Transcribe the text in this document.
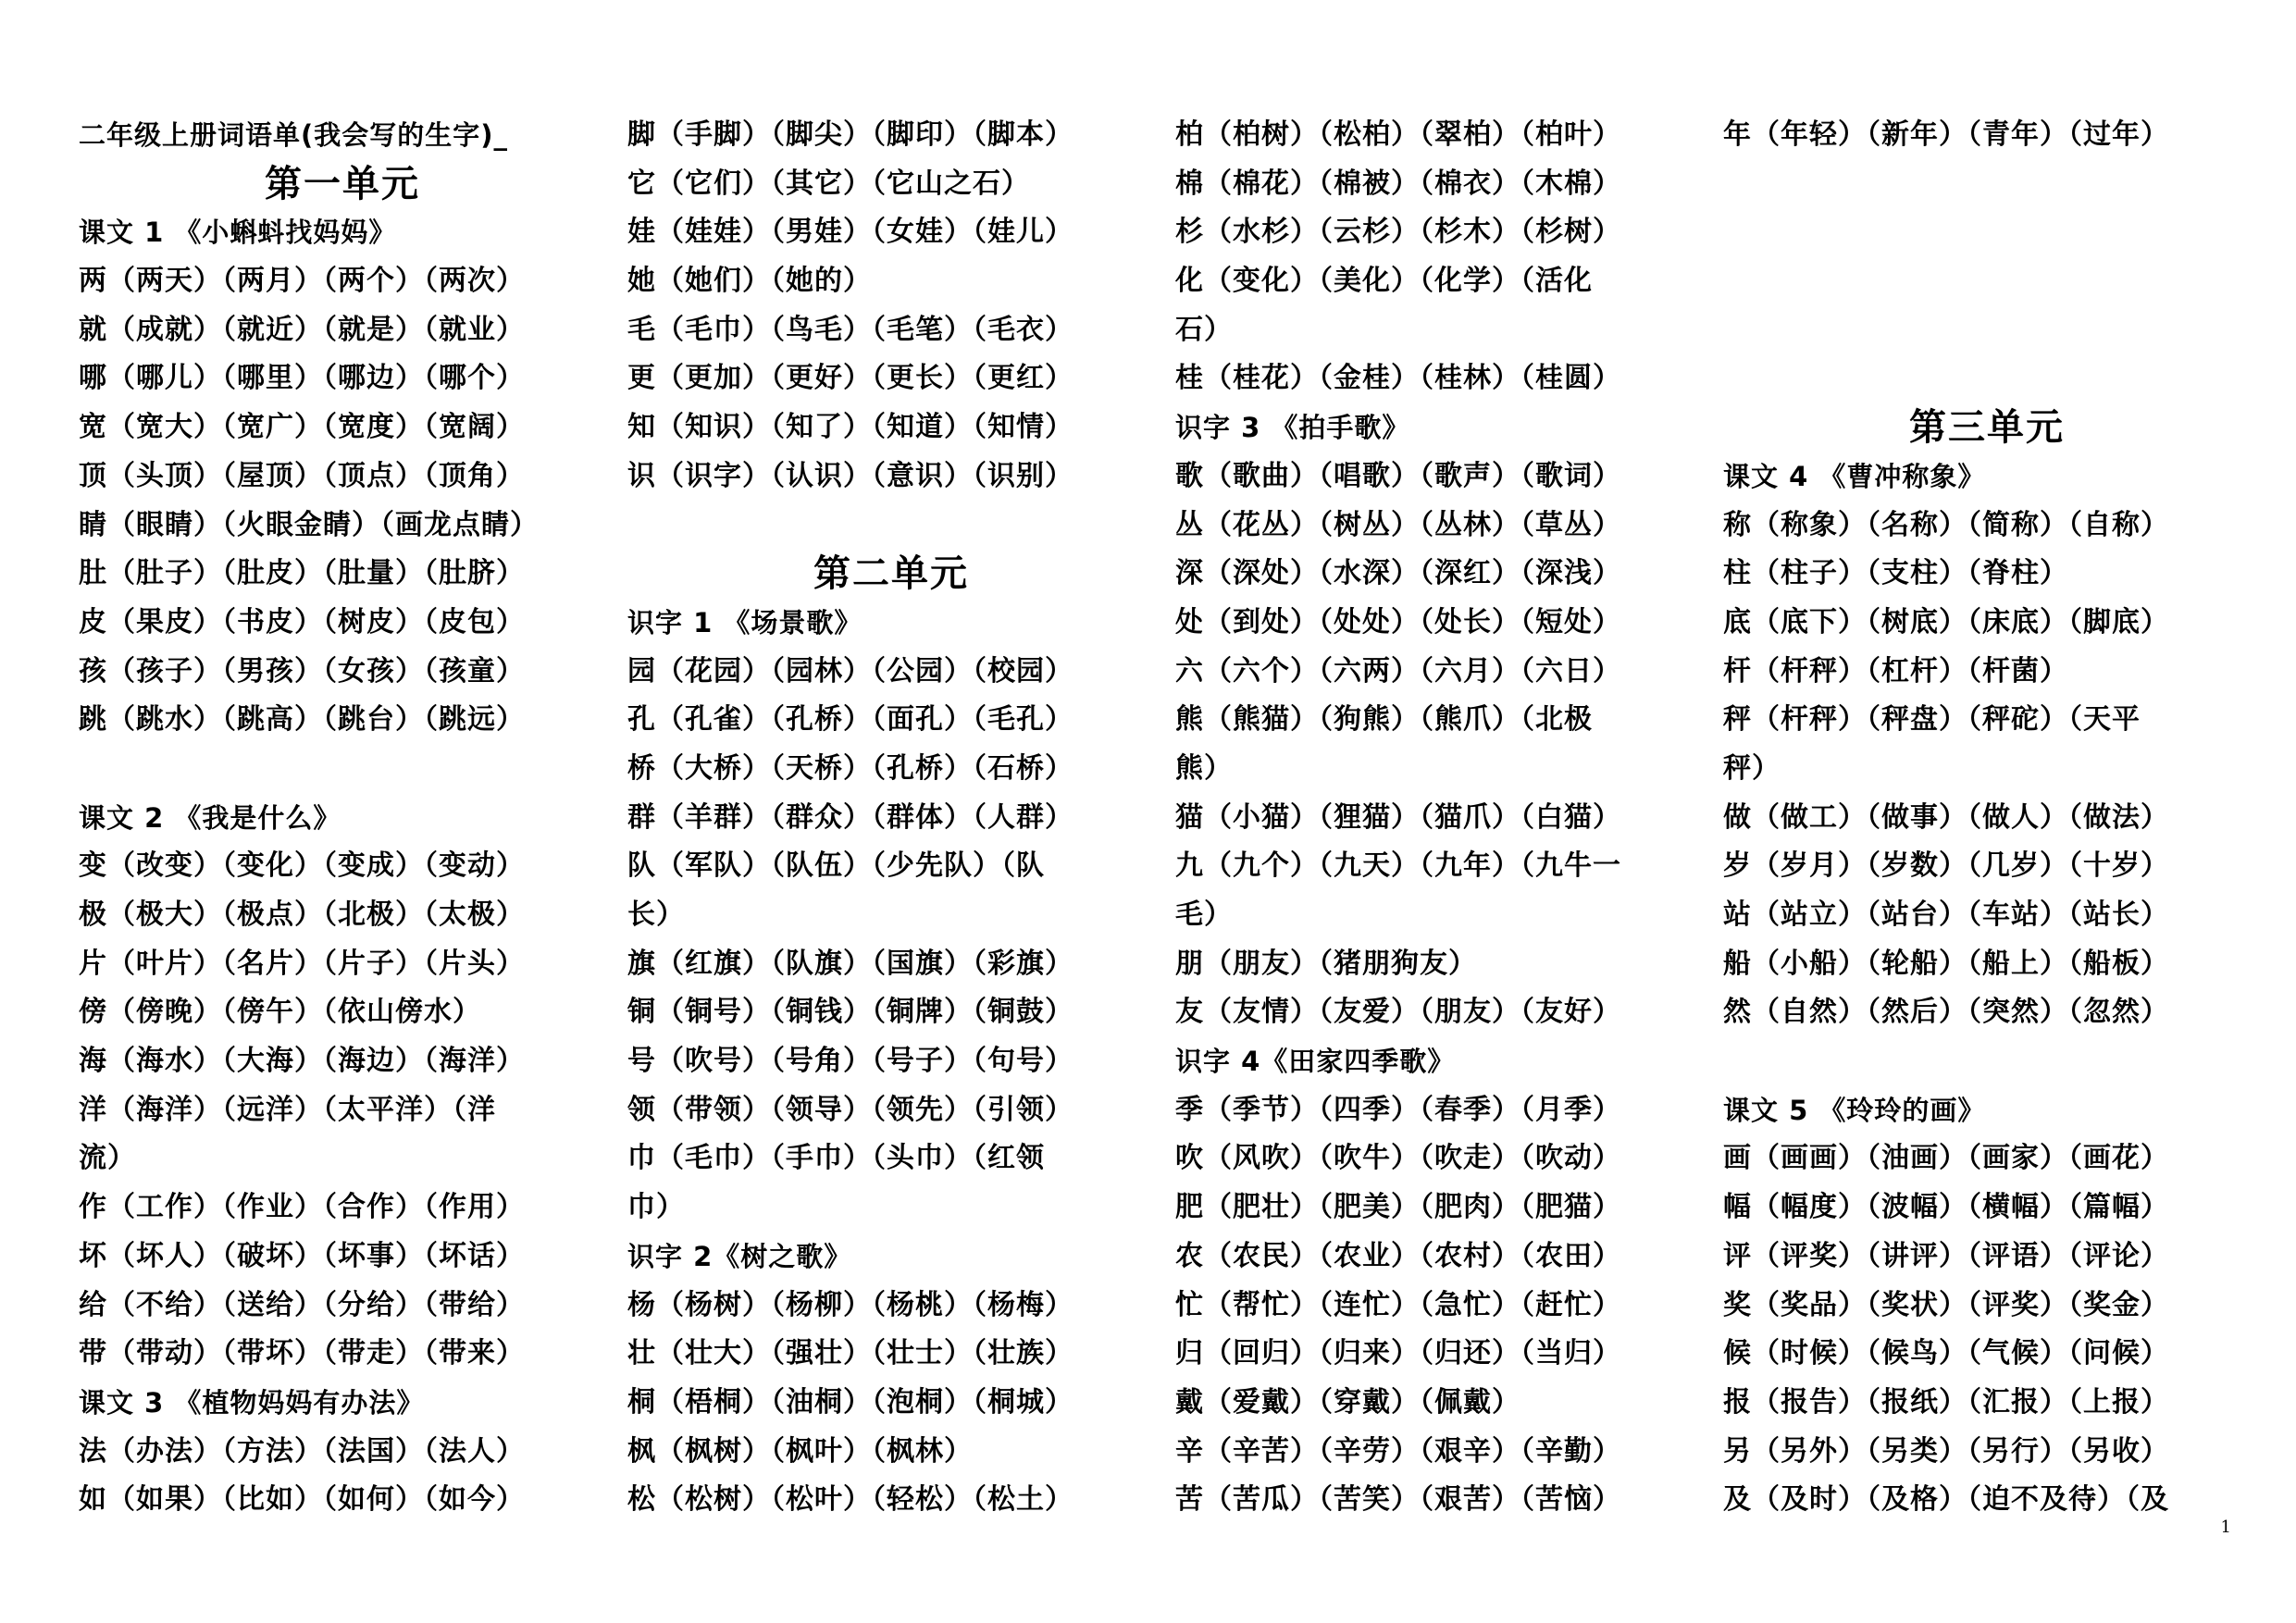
二年级上册词语单(我会写的生字)_
第一单元
课文 1 《小蝌蚪找妈妈》
两（两天）（两月）（两个）（两次）
就（成就）（就近）（就是）（就业）
哪（哪儿）（哪里）（哪边）（哪个）
宽（宽大）（宽广）（宽度）（宽阔）
顶（头顶）（屋顶）（顶点）（顶角）
睛（眼睛）（火眼金睛）（画龙点睛）
肚（肚子）（肚皮）（肚量）（肚脐）
皮（果皮）（书皮）（树皮）（皮包）
孩（孩子）（男孩）（女孩）（孩童）
跳（跳水）（跳高）（跳台）（跳远）
课文 2 《我是什么》
变（改变）（变化）（变成）（变动）
极（极大）（极点）（北极）（太极）
片（叶片）（名片）（片子）（片头）
傍（傍晚）（傍午）（依山傍水）
海（海水）（大海）（海边）（海洋）
洋（海洋）（远洋）（太平洋）（洋
流）
作（工作）（作业）（合作）（作用）
坏（坏人）（破坏）（坏事）（坏话）
给（不给）（送给）（分给）（带给）
带（带动）（带坏）（带走）（带来）
课文 3 《植物妈妈有办法》
法（办法）（方法）（法国）（法人）
如（如果）（比如）（如何）（如今）
脚（手脚）（脚尖）（脚印）（脚本）
它（它们）（其它）（它山之石）
娃（娃娃）（男娃）（女娃）（娃儿）
她（她们）（她的）
毛（毛巾）（鸟毛）（毛笔）（毛衣）
更（更加）（更好）（更长）（更红）
知（知识）（知了）（知道）（知情）
识（识字）（认识）（意识）（识别）
第二单元
识字 1 《场景歌》
园（花园）（园林）（公园）（校园）
孔（孔雀）（孔桥）（面孔）（毛孔）
桥（大桥）（天桥）（孔桥）（石桥）
群（羊群）（群众）（群体）（人群）
队（军队）（队伍）（少先队）（队
长）
旗（红旗）（队旗）（国旗）（彩旗）
铜（铜号）（铜钱）（铜牌）（铜鼓）
号（吹号）（号角）（号子）（句号）
领（带领）（领导）（领先）（引领）
巾（毛巾）（手巾）（头巾）（红领
巾）
识字 2《树之歌》
杨（杨树）（杨柳）（杨桃）（杨梅）
壮（壮大）（强壮）（壮士）（壮族）
桐（梧桐）（油桐）（泡桐）（桐城）
枫（枫树）（枫叶）（枫林）
松（松树）（松叶）（轻松）（松土）
柏（柏树）（松柏）（翠柏）（柏叶）
棉（棉花）（棉被）（棉衣）（木棉）
杉（水杉）（云杉）（杉木）（杉树）
化（变化）（美化）（化学）（活化
石）
桂（桂花）（金桂）（桂林）（桂圆）
识字 3 《拍手歌》
歌（歌曲）（唱歌）（歌声）（歌词）
丛（花丛）（树丛）（丛林）（草丛）
深（深处）（水深）（深红）（深浅）
处（到处）（处处）（处长）（短处）
六（六个）（六两）（六月）（六日）
熊（熊猫）（狗熊）（熊爪）（北极
熊）
猫（小猫）（狸猫）（猫爪）（白猫）
九（九个）（九天）（九年）（九牛一
毛）
朋（朋友）（猪朋狗友）
友（友情）（友爱）（朋友）（友好）
识字 4《田家四季歌》
季（季节）（四季）（春季）（月季）
吹（风吹）（吹牛）（吹走）（吹动）
肥（肥壮）（肥美）（肥肉）（肥猫）
农（农民）（农业）（农村）（农田）
忙（帮忙）（连忙）（急忙）（赶忙）
归（回归）（归来）（归还）（当归）
戴（爱戴）（穿戴）（佩戴）
辛（辛苦）（辛劳）（艰辛）（辛勤）
苦（苦瓜）（苦笑）（艰苦）（苦恼）
年（年轻）（新年）（青年）（过年）
第三单元
课文 4 《曹冲称象》
称（称象）（名称）（简称）（自称）
柱（柱子）（支柱）（脊柱）
底（底下）（树底）（床底）（脚底）
杆（杆秤）（杠杆）（杆菌）
秤（杆秤）（秤盘）（秤砣）（天平
秤）
做（做工）（做事）（做人）（做法）
岁（岁月）（岁数）（几岁）（十岁）
站（站立）（站台）（车站）（站长）
船（小船）（轮船）（船上）（船板）
然（自然）（然后）（突然）（忽然）
课文 5 《玲玲的画》
画（画画）（油画）（画家）（画花）
幅（幅度）（波幅）（横幅）（篇幅）
评（评奖）（讲评）（评语）（评论）
奖（奖品）（奖状）（评奖）（奖金）
候（时候）（候鸟）（气候）（问候）
报（报告）（报纸）（汇报）（上报）
另（另外）（另类）（另行）（另收）
及（及时）（及格）（迫不及待）（及
1
